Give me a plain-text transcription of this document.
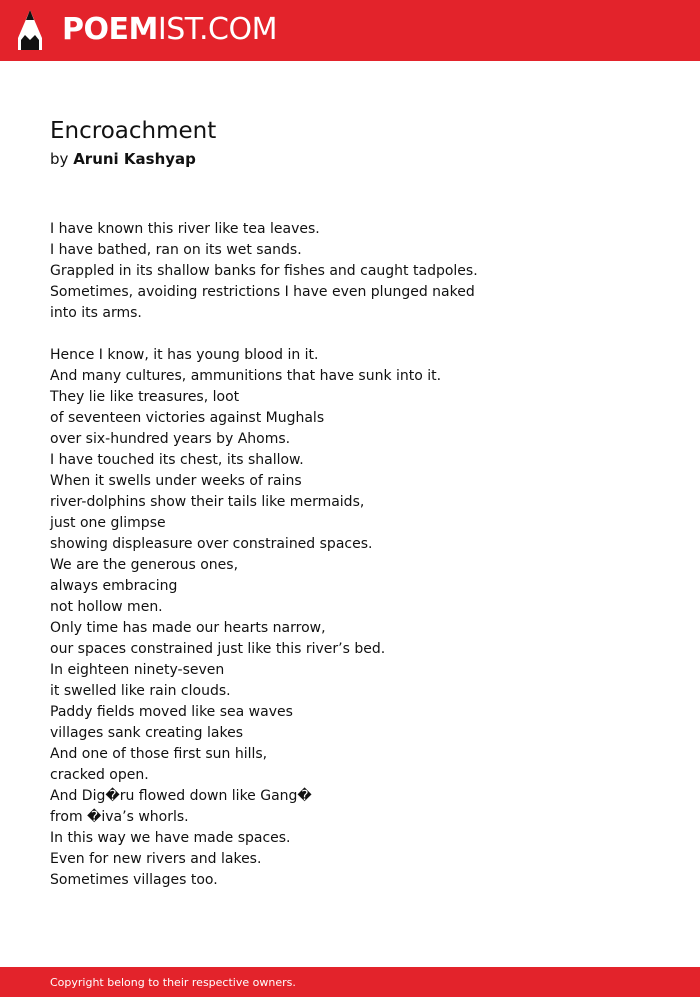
POEMIST.COM
Encroachment
by Aruni Kashyap
I have known this river like tea leaves.
I have bathed, ran on its wet sands.
Grappled in its shallow banks for fishes and caught tadpoles.
Sometimes, avoiding restrictions I have even plunged naked
into its arms.
Hence I know, it has young blood in it.
And many cultures, ammunitions that have sunk into it.
They lie like treasures, loot
of seventeen victories against Mughals
over six-hundred years by Ahoms.
I have touched its chest, its shallow.
When it swells under weeks of rains
river-dolphins show their tails like mermaids,
just one glimpse
showing displeasure over constrained spaces.
We are the generous ones,
always embracing
not hollow men.
Only time has made our hearts narrow,
our spaces constrained just like this river’s bed.
In eighteen ninety-seven
it swelled like rain clouds.
Paddy fields moved like sea waves
villages sank creating lakes
And one of those first sun hills,
cracked open.
And Dig�ru flowed down like Gang�
from �iva’s whorls.
In this way we have made spaces.
Even for new rivers and lakes.
Sometimes villages too.
Copyright belong to their respective owners.
